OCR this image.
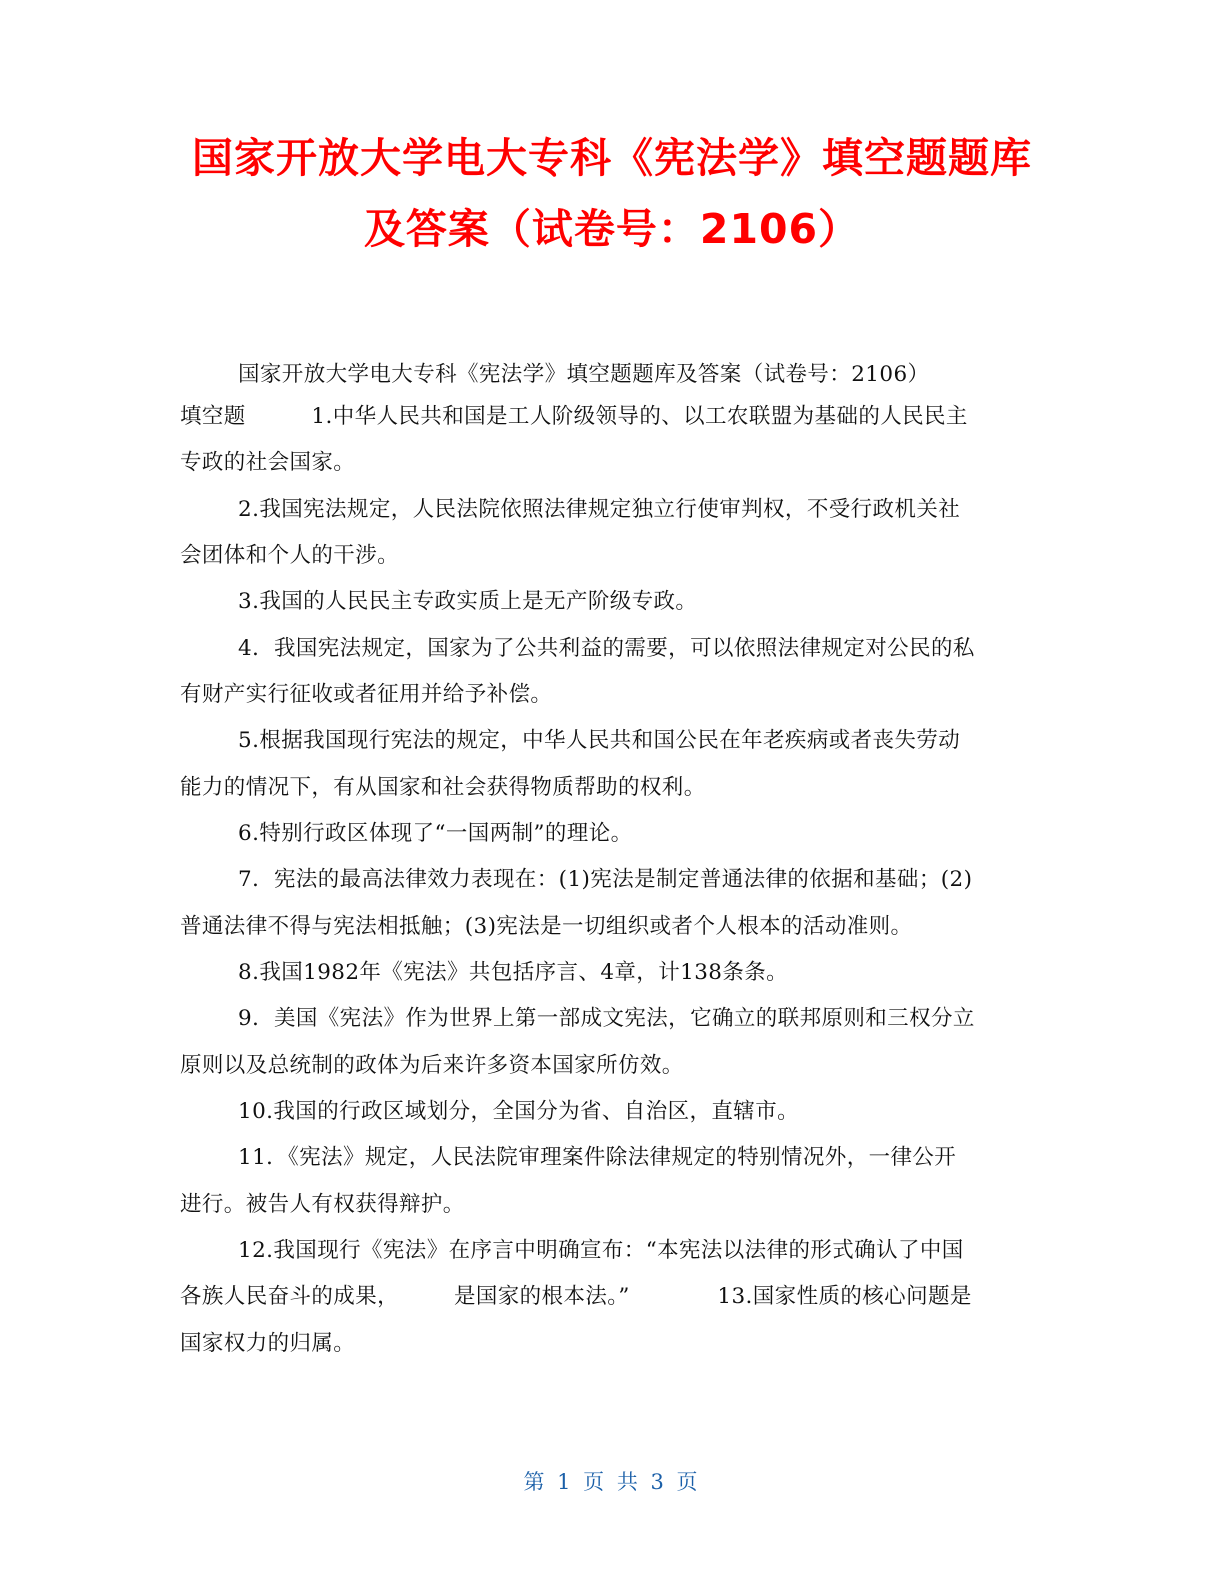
国家开放大学电大专科《宪法学》填空题题库
及答案（试卷号：2106）
国家开放大学电大专科《宪法学》填空题题库及答案（试卷号：2106）
填空题　　　1.中华人民共和国是工人阶级领导的、以工农联盟为基础的人民民主
专政的社会国家。
2.我国宪法规定，人民法院依照法律规定独立行使审判权，不受行政机关社
会团体和个人的干涉。
3.我国的人民民主专政实质上是无产阶级专政。
4．我国宪法规定，国家为了公共利益的需要，可以依照法律规定对公民的私
有财产实行征收或者征用并给予补偿。
5.根据我国现行宪法的规定，中华人民共和国公民在年老疾病或者丧失劳动
能力的情况下，有从国家和社会获得物质帮助的权利。
6.特别行政区体现了“一国两制”的理论。
7．宪法的最高法律效力表现在：(1)宪法是制定普通法律的依据和基础；(2)
普通法律不得与宪法相抵触；(3)宪法是一切组织或者个人根本的活动准则。
8.我国1982年《宪法》共包括序言、4章，计138条条。
9．美国《宪法》作为世界上第一部成文宪法，它确立的联邦原则和三权分立
原则以及总统制的政体为后来许多资本国家所仿效。
10.我国的行政区域划分，全国分为省、自治区，直辖市。
11．《宪法》规定，人民法院审理案件除法律规定的特别情况外，一律公开
进行。被告人有权获得辩护。
12.我国现行《宪法》在序言中明确宣布：“本宪法以法律的形式确认了中国
各族人民奋斗的成果，　　　是国家的根本法。”　　　　13.国家性质的核心问题是
国家权力的归属。
第 1 页 共 3 页
